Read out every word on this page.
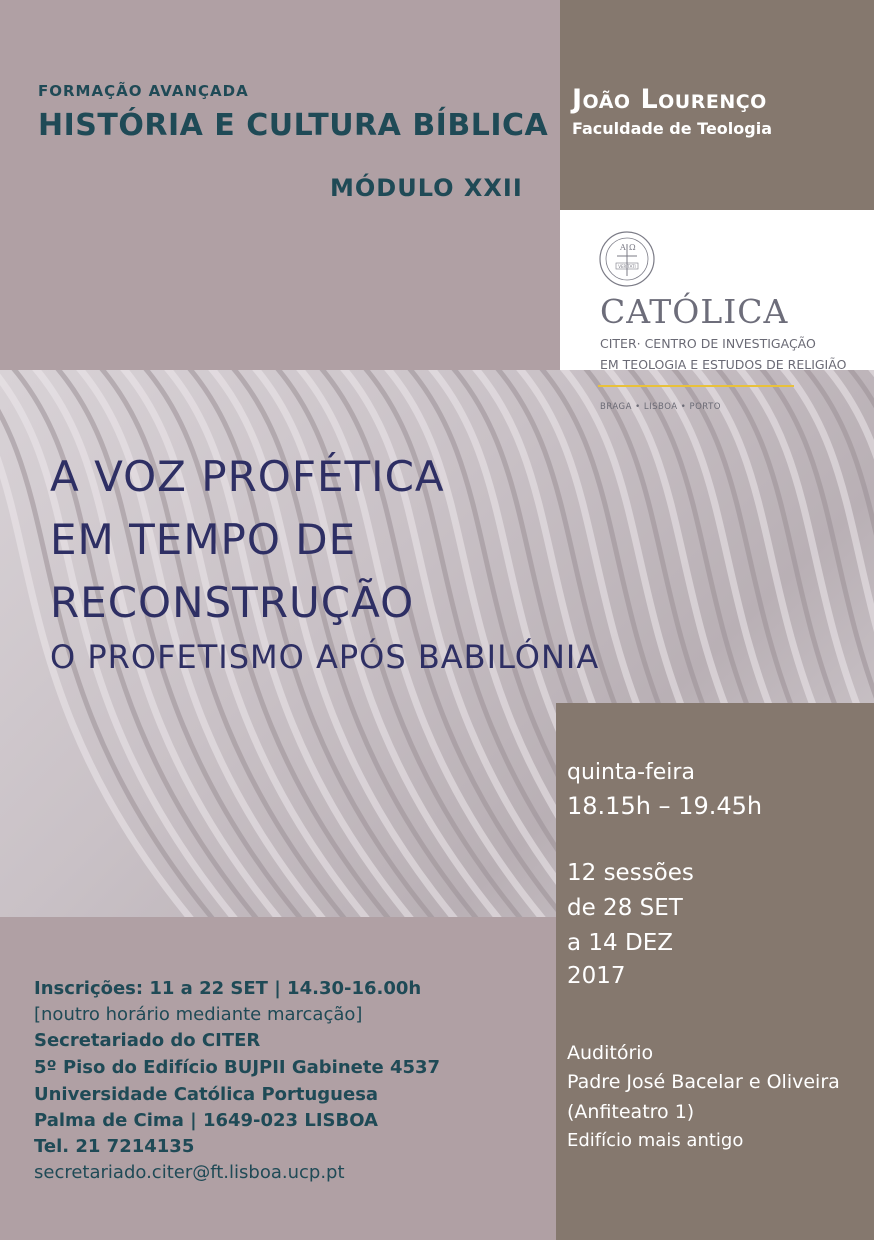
FORMAÇÃO AVANÇADA
HISTÓRIA E CULTURA BÍBLICA
MÓDULO XXII
João Lourenço
Faculdade de Teologia
A Ω
VERITATI
CATÓLICA
CITER· CENTRO DE INVESTIGAÇÃO
EM TEOLOGIA E ESTUDOS DE RELIGIÃO
BRAGA • LISBOA • PORTO
A VOZ PROFÉTICA
EM TEMPO DE
RECONSTRUÇÃO
O PROFETISMO APÓS BABILÓNIA
quinta-feira
18.15h – 19.45h
12 sessões
de 28 SET
a 14 DEZ
2017
Auditório
Padre José Bacelar e Oliveira
(Anfiteatro 1)
Edifício mais antigo
Inscrições: 11 a 22 SET | 14.30-16.00h
[noutro horário mediante marcação]
Secretariado do CITER
5º Piso do Edifício BUJPII Gabinete 4537
Universidade Católica Portuguesa
Palma de Cima | 1649-023 LISBOA
Tel. 21 7214135
secretariado.citer@ft.lisboa.ucp.pt
